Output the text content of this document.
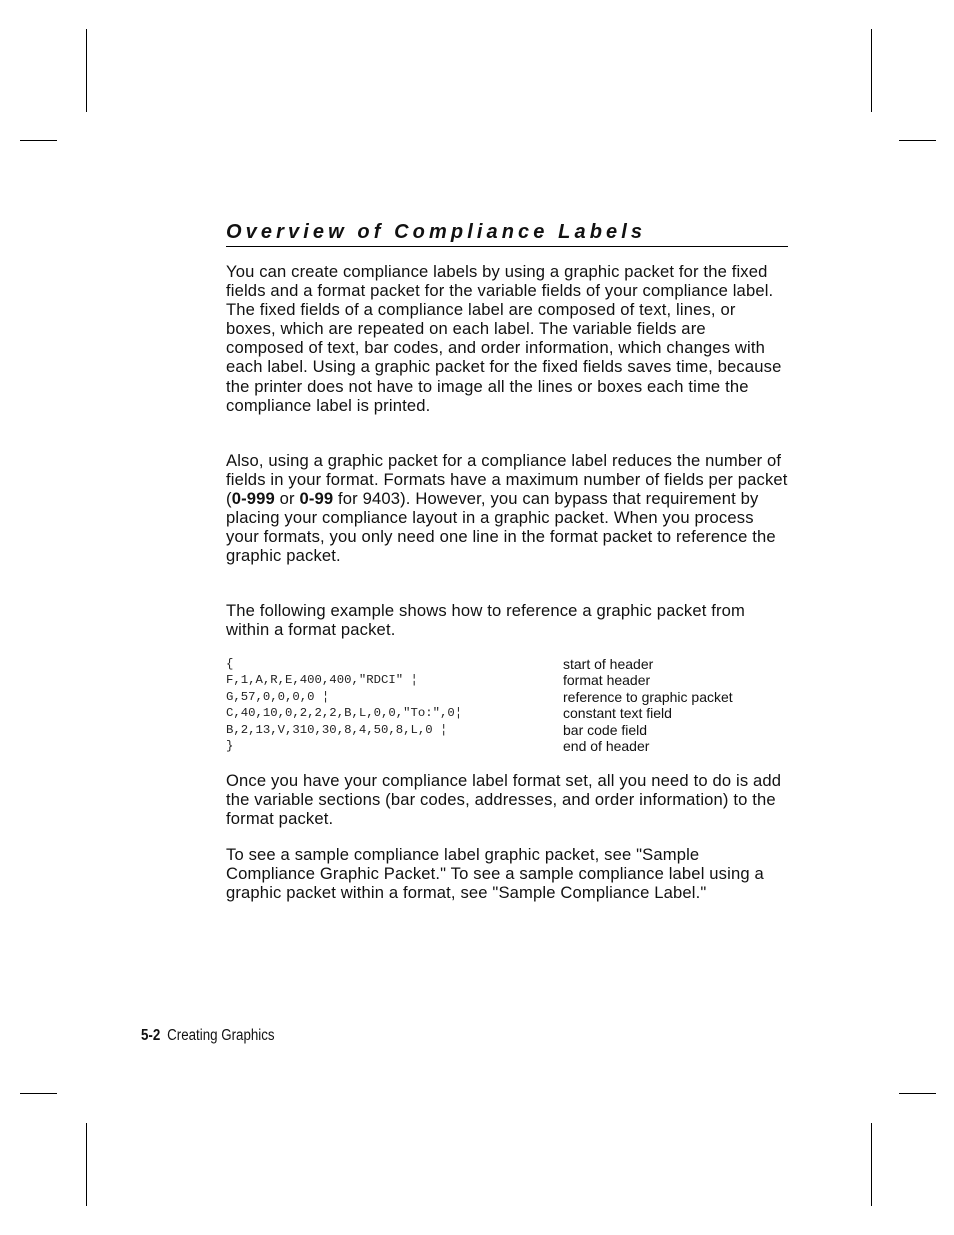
Overview of Compliance Labels

You can create compliance labels by using a graphic packet for the fixed fields and a format packet for the variable fields of your compliance label. The fixed fields of a compliance label are composed of text, lines, or boxes, which are repeated on each label. The variable fields are composed of text, bar codes, and order information, which changes with each label. Using a graphic packet for the fixed fields saves time, because the printer does not have to image all the lines or boxes each time the compliance label is printed.

Also, using a graphic packet for a compliance label reduces the number of fields in your format. Formats have a maximum number of fields per packet (0-999 or 0-99 for 9403). However, you can bypass that requirement by placing your compliance layout in a graphic packet. When you process your formats, you only need one line in the format packet to reference the graphic packet.

The following example shows how to reference a graphic packet from within a format packet.

{	start of header
F,1,A,R,E,400,400,"RDCI" ¦	format header
G,57,0,0,0,0 ¦	reference to graphic packet
C,40,10,0,2,2,2,B,L,0,0,"To:",0¦	constant text field
B,2,13,V,310,30,8,4,50,8,L,0 ¦	bar code field
}	end of header

Once you have your compliance label format set, all you need to do is add the variable sections (bar codes, addresses, and order information) to the format packet.

To see a sample compliance label graphic packet, see "Sample Compliance Graphic Packet." To see a sample compliance label using a graphic packet within a format, see "Sample Compliance Label."

5-2 Creating Graphics
